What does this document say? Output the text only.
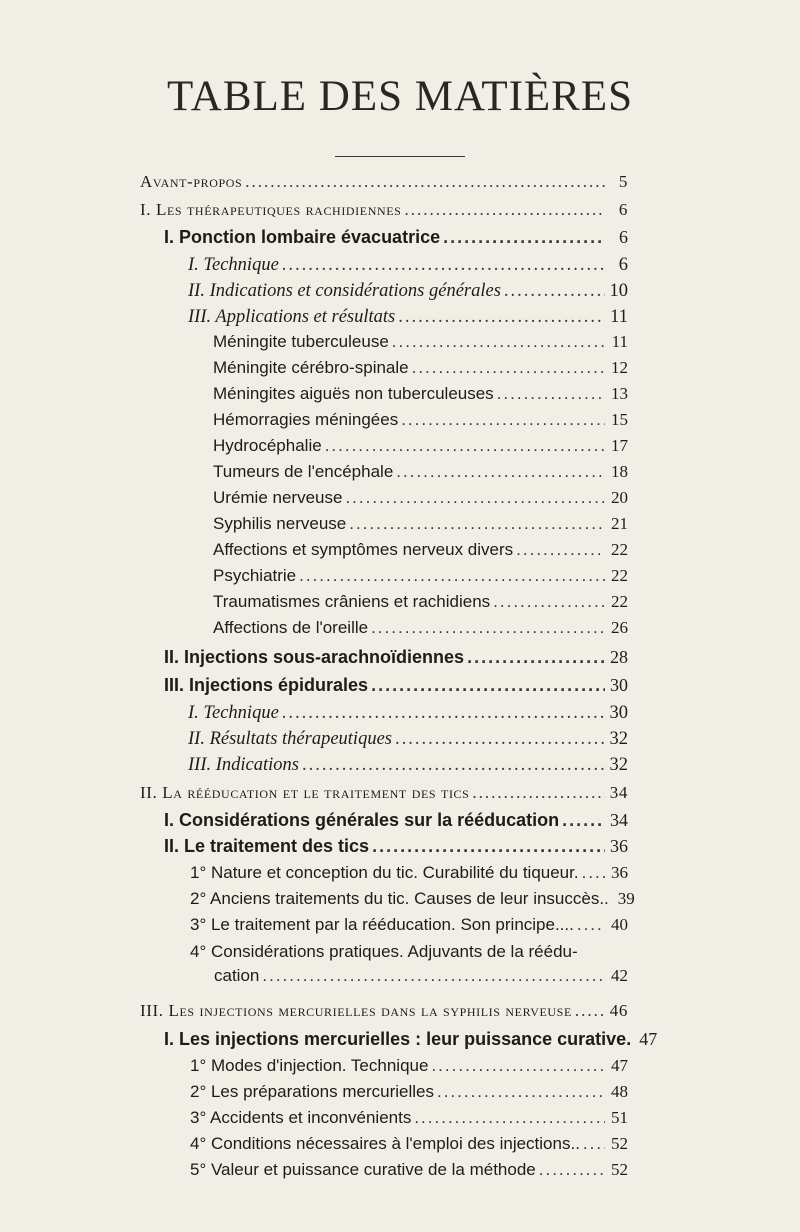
TABLE DES MATIÈRES
Avant-propos .....	5
I. Les thérapeutiques rachidiennes .....	6
I. Ponction lombaire évacuatrice .....	6
I. Technique .....	6
II. Indications et considérations générales .....	10
III. Applications et résultats .....	11
Méningite tuberculeuse .....	11
Méningite cérébro-spinale .....	12
Méningites aiguës non tuberculeuses .....	13
Hémorragies méningées .....	15
Hydrocéphalie .....	17
Tumeurs de l'encéphale .....	18
Urémie nerveuse .....	20
Syphilis nerveuse .....	21
Affections et symptômes nerveux divers .....	22
Psychiatrie .....	22
Traumatismes crâniens et rachidiens .....	22
Affections de l'oreille .....	26
II. Injections sous-arachnoïdiennes .....	28
III. Injections épidurales .....	30
I. Technique .....	30
II. Résultats thérapeutiques .....	32
III. Indications .....	32
II. La rééducation et le traitement des tics .....	34
I. Considérations générales sur la rééducation .....	34
II. Le traitement des tics .....	36
1° Nature et conception du tic. Curabilité du tiqueur. ..... 36
2° Anciens traitements du tic. Causes de leur insuccès.. 39
3° Le traitement par la rééducation. Son principe.... ..... 40
4° Considérations pratiques. Adjuvants de la réédu-
cation .....	42
III. Les injections mercurielles dans la syphilis nerveuse ..... 46
I. Les injections mercurielles : leur puissance curative. 47
1° Modes d'injection. Technique .....	47
2° Les préparations mercurielles .....	48
3° Accidents et inconvénients .....	51
4° Conditions nécessaires à l'emploi des injections.. ..... 52
5° Valeur et puissance curative de la méthode .....	52
